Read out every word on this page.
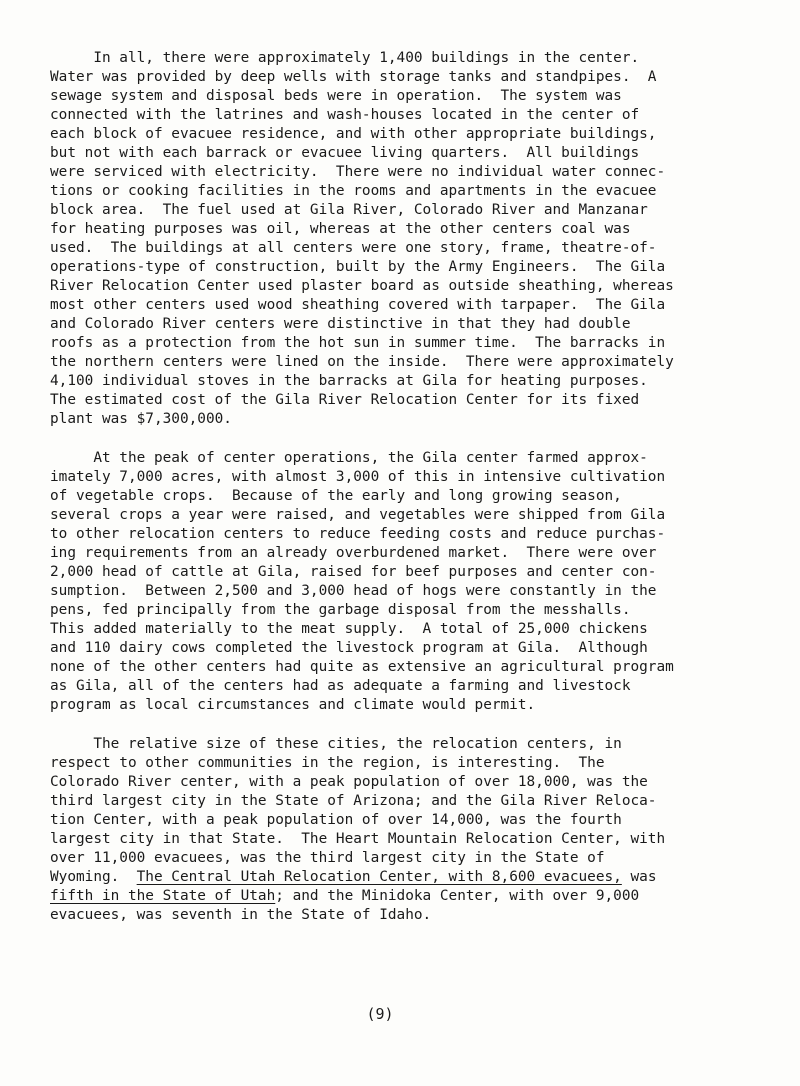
In all, there were approximately 1,400 buildings in the center.
Water was provided by deep wells with storage tanks and standpipes.  A
sewage system and disposal beds were in operation.  The system was
connected with the latrines and wash-houses located in the center of
each block of evacuee residence, and with other appropriate buildings,
but not with each barrack or evacuee living quarters.  All buildings
were serviced with electricity.  There were no individual water connec-
tions or cooking facilities in the rooms and apartments in the evacuee
block area.  The fuel used at Gila River, Colorado River and Manzanar
for heating purposes was oil, whereas at the other centers coal was
used.  The buildings at all centers were one story, frame, theatre-of-
operations-type of construction, built by the Army Engineers.  The Gila
River Relocation Center used plaster board as outside sheathing, whereas
most other centers used wood sheathing covered with tarpaper.  The Gila
and Colorado River centers were distinctive in that they had double
roofs as a protection from the hot sun in summer time.  The barracks in
the northern centers were lined on the inside.  There were approximately
4,100 individual stoves in the barracks at Gila for heating purposes.
The estimated cost of the Gila River Relocation Center for its fixed
plant was $7,300,000.
At the peak of center operations, the Gila center farmed approx-
imately 7,000 acres, with almost 3,000 of this in intensive cultivation
of vegetable crops.  Because of the early and long growing season,
several crops a year were raised, and vegetables were shipped from Gila
to other relocation centers to reduce feeding costs and reduce purchas-
ing requirements from an already overburdened market.  There were over
2,000 head of cattle at Gila, raised for beef purposes and center con-
sumption.  Between 2,500 and 3,000 head of hogs were constantly in the
pens, fed principally from the garbage disposal from the messhalls.
This added materially to the meat supply.  A total of 25,000 chickens
and 110 dairy cows completed the livestock program at Gila.  Although
none of the other centers had quite as extensive an agricultural program
as Gila, all of the centers had as adequate a farming and livestock
program as local circumstances and climate would permit.
The relative size of these cities, the relocation centers, in
respect to other communities in the region, is interesting.  The
Colorado River center, with a peak population of over 18,000, was the
third largest city in the State of Arizona; and the Gila River Reloca-
tion Center, with a peak population of over 14,000, was the fourth
largest city in that State.  The Heart Mountain Relocation Center, with
over 11,000 evacuees, was the third largest city in the State of
Wyoming.  The Central Utah Relocation Center, with 8,600 evacuees, was
fifth in the State of Utah; and the Minidoka Center, with over 9,000
evacuees, was seventh in the State of Idaho.
(9)
